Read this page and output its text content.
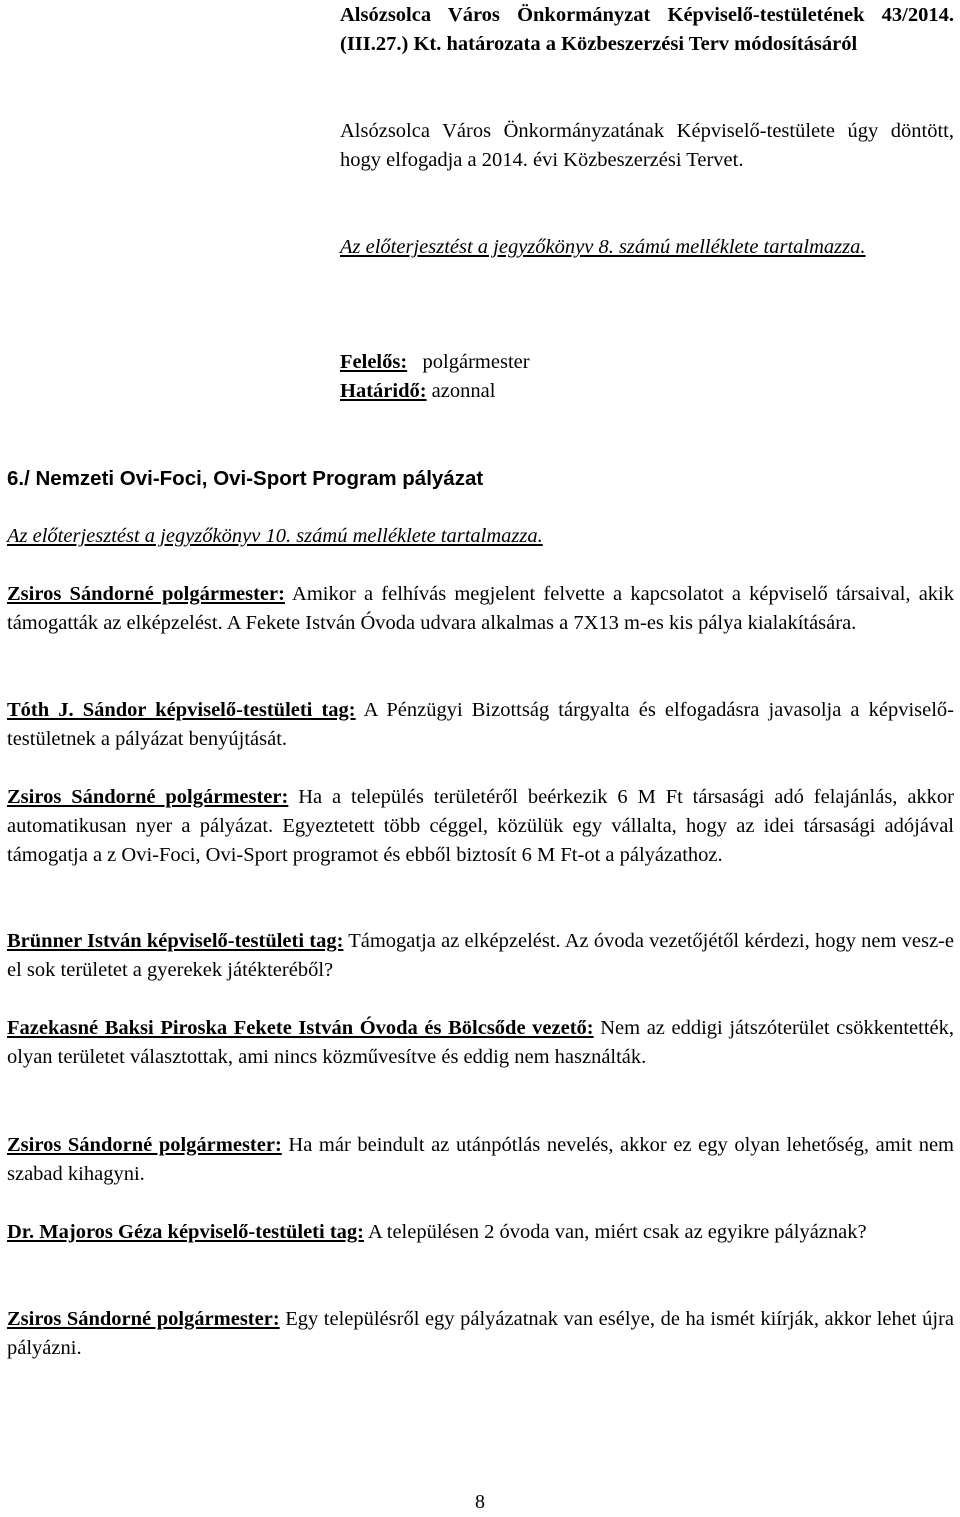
Alsózsolca Város Önkormányzat Képviselő-testületének 43/2014. (III.27.) Kt. határozata a Közbeszerzési Terv módosításáról
Alsózsolca Város Önkormányzatának Képviselő-testülete úgy döntött, hogy elfogadja a 2014. évi Közbeszerzési Tervet.
Az előterjesztést a jegyzőkönyv 8. számú melléklete tartalmazza.
Felelős: polgármester
Határidő: azonnal
6./ Nemzeti Ovi-Foci, Ovi-Sport Program pályázat
Az előterjesztést a jegyzőkönyv 10. számú melléklete tartalmazza.
Zsiros Sándorné polgármester: Amikor a felhívás megjelent felvette a kapcsolatot a képviselő társaival, akik támogatták az elképzelést. A Fekete István Óvoda udvara alkalmas a 7X13 m-es kis pálya kialakítására.
Tóth J. Sándor képviselő-testületi tag: A Pénzügyi Bizottság tárgyalta és elfogadásra javasolja a képviselő-testületnek a pályázat benyújtását.
Zsiros Sándorné polgármester: Ha a település területéről beérkezik 6 M Ft társasági adó felajánlás, akkor automatikusan nyer a pályázat. Egyeztetett több céggel, közülük egy vállalta, hogy az idei társasági adójával támogatja a z Ovi-Foci, Ovi-Sport programot és ebből biztosít 6 M Ft-ot a pályázathoz.
Brünner István képviselő-testületi tag: Támogatja az elképzelést. Az óvoda vezetőjétől kérdezi, hogy nem vesz-e el sok területet a gyerekek játékteréből?
Fazekasné Baksi Piroska Fekete István Óvoda és Bölcsőde vezető: Nem az eddigi játszóterület csökkentették, olyan területet választottak, ami nincs közművesítve és eddig nem használták.
Zsiros Sándorné polgármester: Ha már beindult az utánpótlás nevelés, akkor ez egy olyan lehetőség, amit nem szabad kihagyni.
Dr. Majoros Géza képviselő-testületi tag: A településen 2 óvoda van, miért csak az egyikre pályáznak?
Zsiros Sándorné polgármester: Egy településről egy pályázatnak van esélye, de ha ismét kiírják, akkor lehet újra pályázni.
8
